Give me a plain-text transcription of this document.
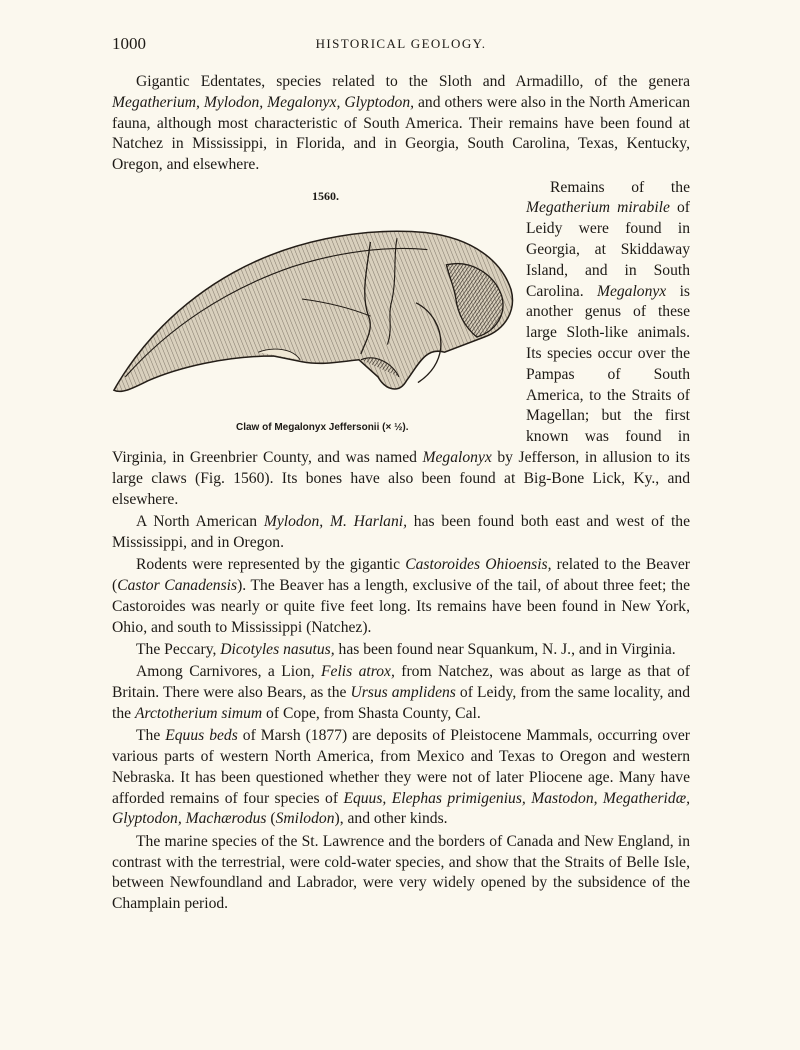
1000	HISTORICAL GEOLOGY.

Gigantic Edentates, species related to the Sloth and Armadillo, of the genera Megatherium, Mylodon, Megalonyx, Glyptodon, and others were also in the North American fauna, although most characteristic of South America. Their remains have been found at Natchez in Mississippi, in Florida, and in Georgia, South Carolina, Texas, Kentucky, Oregon, and elsewhere.

1560.
Claw of Megalonyx Jeffersonii (× ½).
Remains of the Megatherium mirabile of Leidy were found in Georgia, at Skiddaway Island, and in South Carolina. Megalonyx is another genus of these large Sloth-like animals. Its species occur over the Pampas of South America, to the Straits of Magellan; but the first known was found in Virginia, in Greenbrier County, and was named Megalonyx by Jefferson, in allusion to its large claws (Fig. 1560). Its bones have also been found at Big-Bone Lick, Ky., and elsewhere.

A North American Mylodon, M. Harlani, has been found both east and west of the Mississippi, and in Oregon.

Rodents were represented by the gigantic Castoroides Ohioensis, related to the Beaver (Castor Canadensis). The Beaver has a length, exclusive of the tail, of about three feet; the Castoroides was nearly or quite five feet long. Its remains have been found in New York, Ohio, and south to Mississippi (Natchez).

The Peccary, Dicotyles nasutus, has been found near Squankum, N. J., and in Virginia.

Among Carnivores, a Lion, Felis atrox, from Natchez, was about as large as that of Britain. There were also Bears, as the Ursus amplidens of Leidy, from the same locality, and the Arctotherium simum of Cope, from Shasta County, Cal.

The Equus beds of Marsh (1877) are deposits of Pleistocene Mammals, occurring over various parts of western North America, from Mexico and Texas to Oregon and western Nebraska. It has been questioned whether they were not of later Pliocene age. Many have afforded remains of four species of Equus, Elephas primigenius, Mastodon, Megatheridæ, Glyptodon, Machærodus (Smilodon), and other kinds.

The marine species of the St. Lawrence and the borders of Canada and New England, in contrast with the terrestrial, were cold-water species, and show that the Straits of Belle Isle, between Newfoundland and Labrador, were very widely opened by the subsidence of the Champlain period.
